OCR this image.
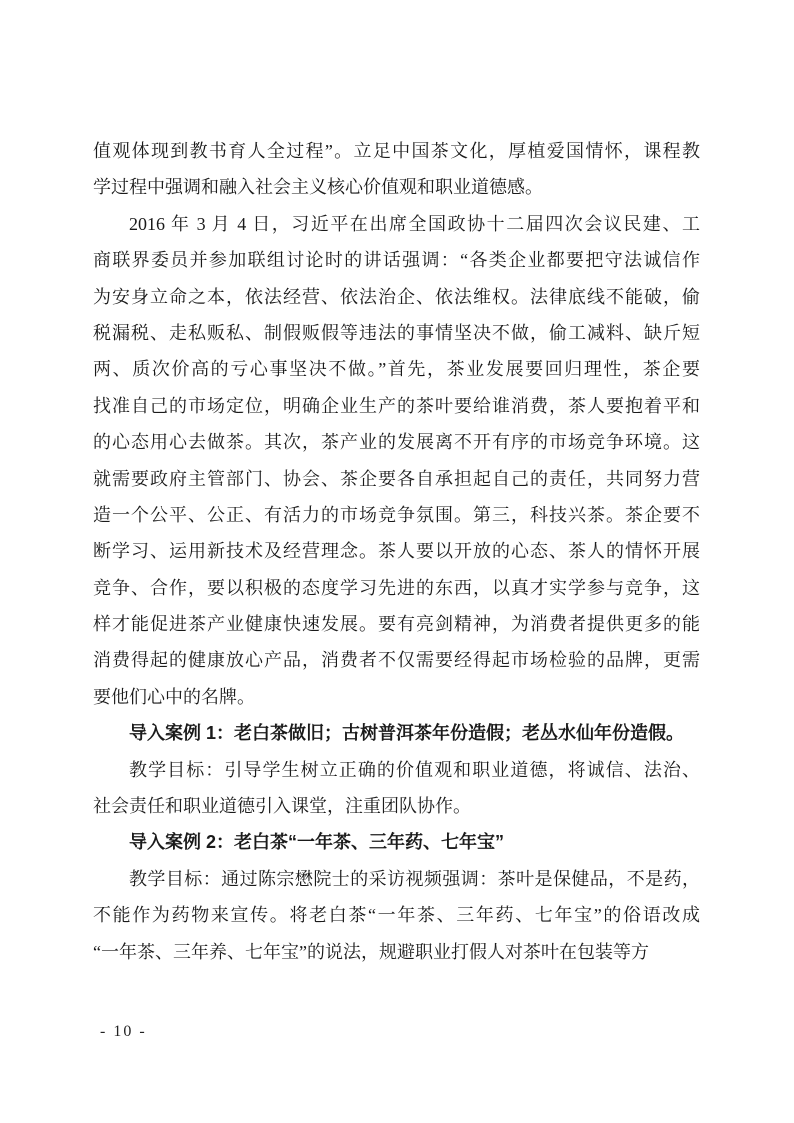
值观体现到教书育人全过程”。立足中国茶文化，厚植爱国情怀，课程教
学过程中强调和融入社会主义核心价值观和职业道德感。
2016 年 3 月 4 日，习近平在出席全国政协十二届四次会议民建、工
商联界委员并参加联组讨论时的讲话强调：“各类企业都要把守法诚信作
为安身立命之本，依法经营、依法治企、依法维权。法律底线不能破，偷
税漏税、走私贩私、制假贩假等违法的事情坚决不做，偷工减料、缺斤短
两、质次价高的亏心事坚决不做。”首先，茶业发展要回归理性，茶企要
找准自己的市场定位，明确企业生产的茶叶要给谁消费，茶人要抱着平和
的心态用心去做茶。其次，茶产业的发展离不开有序的市场竞争环境。这
就需要政府主管部门、协会、茶企要各自承担起自己的责任，共同努力营
造一个公平、公正、有活力的市场竞争氛围。第三，科技兴茶。茶企要不
断学习、运用新技术及经营理念。茶人要以开放的心态、茶人的情怀开展
竞争、合作，要以积极的态度学习先进的东西，以真才实学参与竞争，这
样才能促进茶产业健康快速发展。要有亮剑精神，为消费者提供更多的能
消费得起的健康放心产品，消费者不仅需要经得起市场检验的品牌，更需
要他们心中的名牌。
导入案例 1：老白茶做旧；古树普洱茶年份造假；老丛水仙年份造假。
教学目标：引导学生树立正确的价值观和职业道德，将诚信、法治、
社会责任和职业道德引入课堂，注重团队协作。
导入案例 2：老白茶“一年茶、三年药、七年宝”
教学目标：通过陈宗懋院士的采访视频强调：茶叶是保健品，不是药，
不能作为药物来宣传。将老白茶“一年茶、三年药、七年宝”的俗语改成
“一年茶、三年养、七年宝”的说法，规避职业打假人对茶叶在包装等方
- 10 -
